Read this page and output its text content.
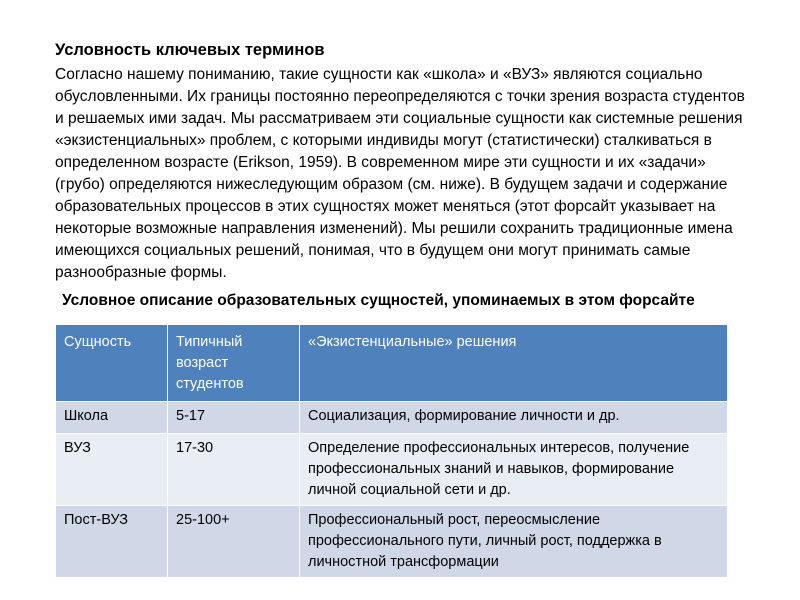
Условность ключевых терминов

Согласно нашему пониманию, такие сущности как «школа» и «ВУЗ» являются социально обусловленными. Их границы постоянно переопределяются с точки зрения возраста студентов и решаемых ими задач. Мы рассматриваем эти социальные сущности как системные решения «экзистенциальных» проблем, с которыми индивиды могут (статистически) сталкиваться в определенном возрасте (Erikson, 1959). В современном мире эти сущности и их «задачи» (грубо) определяются нижеследующим образом (см. ниже). В будущем задачи и содержание образовательных процессов в этих сущностях может меняться (этот форсайт указывает на некоторые возможные направления изменений). Мы решили сохранить традиционные имена имеющихся социальных решений, понимая, что в будущем они могут принимать самые разнообразные формы.

Условное описание образовательных сущностей, упоминаемых в этом форсайте

Сущность	Типичный возраст студентов	«Экзистенциальные» решения
Школа	5-17	Социализация, формирование личности и др.
ВУЗ	17-30	Определение профессиональных интересов, получение профессиональных знаний и навыков, формирование личной социальной сети и др.
Пост-ВУЗ	25-100+	Профессиональный рост, переосмысление профессионального пути, личный рост, поддержка в личностной трансформации
